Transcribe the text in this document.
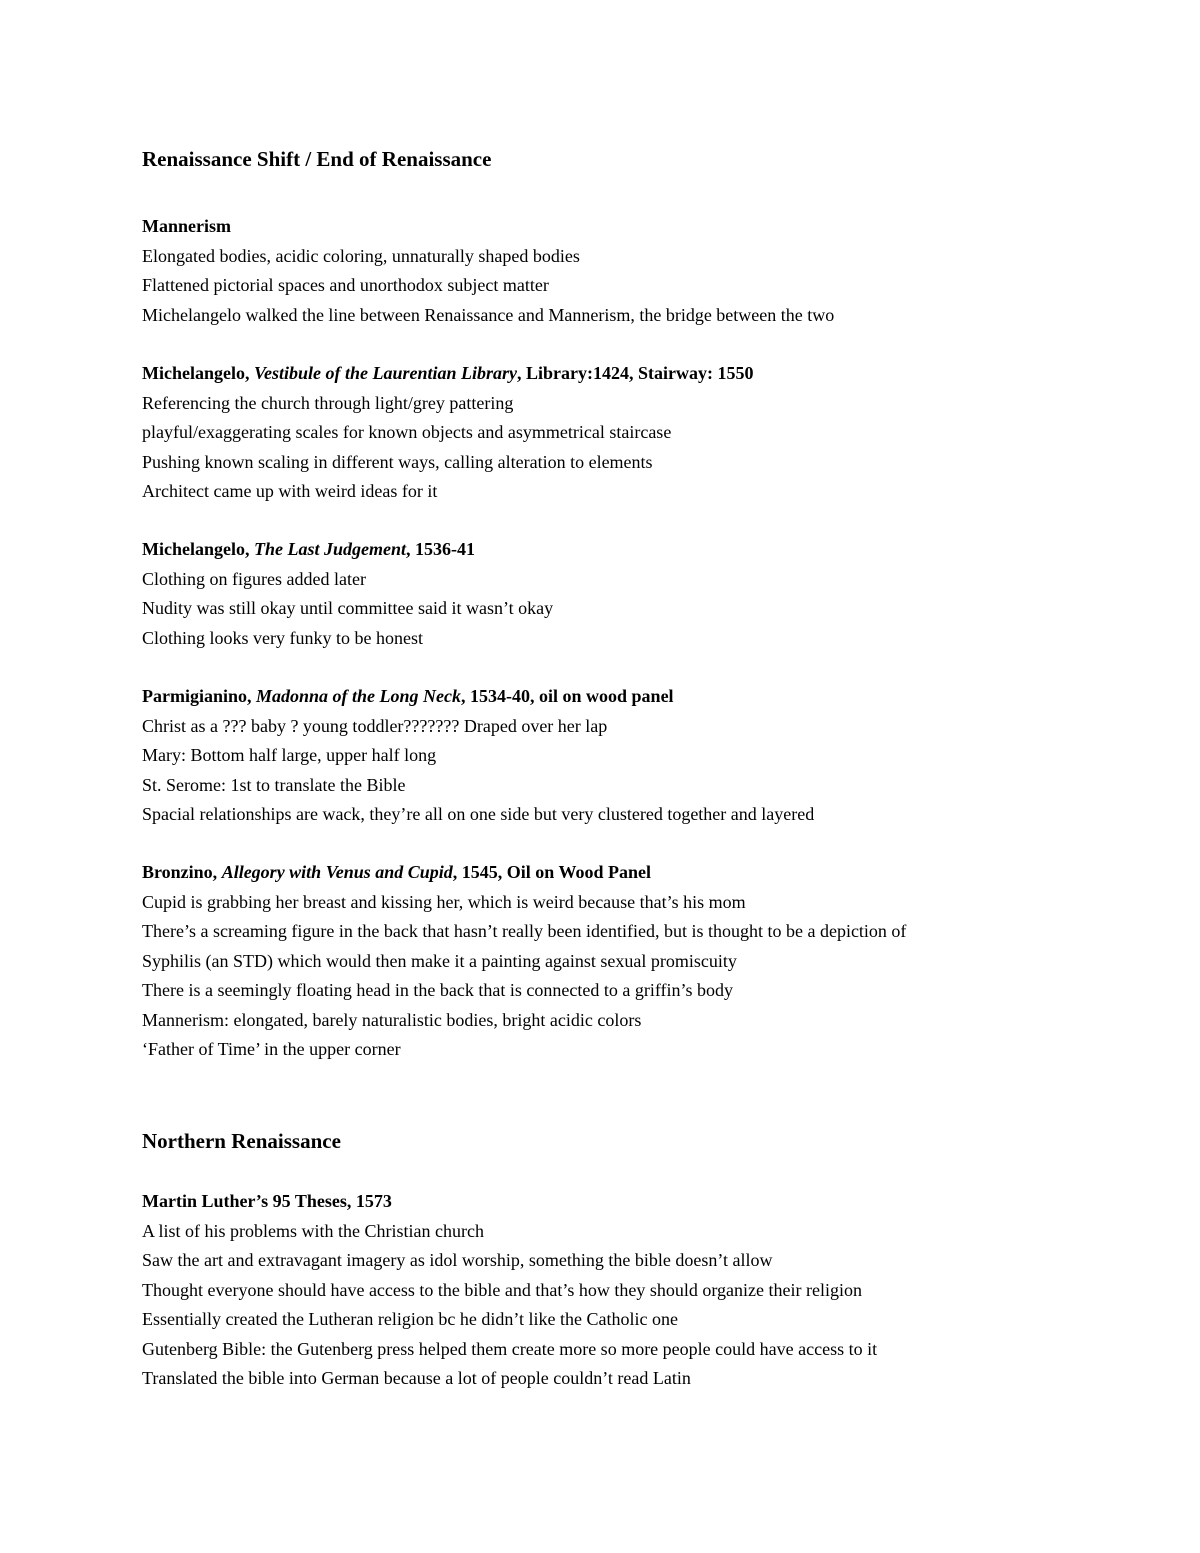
Renaissance Shift / End of Renaissance
Mannerism
Elongated bodies, acidic coloring, unnaturally shaped bodies
Flattened pictorial spaces and unorthodox subject matter
Michelangelo walked the line between Renaissance and Mannerism, the bridge between the two
Michelangelo, Vestibule of the Laurentian Library, Library:1424, Stairway: 1550
Referencing the church through light/grey pattering
playful/exaggerating scales for known objects and asymmetrical staircase
Pushing known scaling in different ways, calling alteration to elements
Architect came up with weird ideas for it
Michelangelo, The Last Judgement, 1536-41
Clothing on figures added later
Nudity was still okay until committee said it wasn’t okay
Clothing looks very funky to be honest
Parmigianino, Madonna of the Long Neck, 1534-40, oil on wood panel
Christ as a ??? baby ? young toddler??????? Draped over her lap
Mary: Bottom half large, upper half long
St. Serome: 1st to translate the Bible
Spacial relationships are wack, they’re all on one side but very clustered together and layered
Bronzino, Allegory with Venus and Cupid, 1545, Oil on Wood Panel
Cupid is grabbing her breast and kissing her, which is weird because that’s his mom
There’s a screaming figure in the back that hasn’t really been identified, but is thought to be a depiction of
Syphilis (an STD) which would then make it a painting against sexual promiscuity
There is a seemingly floating head in the back that is connected to a griffin’s body
Mannerism: elongated, barely naturalistic bodies, bright acidic colors
‘Father of Time’ in the upper corner
Northern Renaissance
Martin Luther’s 95 Theses, 1573
A list of his problems with the Christian church
Saw the art and extravagant imagery as idol worship, something the bible doesn’t allow
Thought everyone should have access to the bible and that’s how they should organize their religion
Essentially created the Lutheran religion bc he didn’t like the Catholic one
Gutenberg Bible: the Gutenberg press helped them create more so more people could have access to it
Translated the bible into German because a lot of people couldn’t read Latin
